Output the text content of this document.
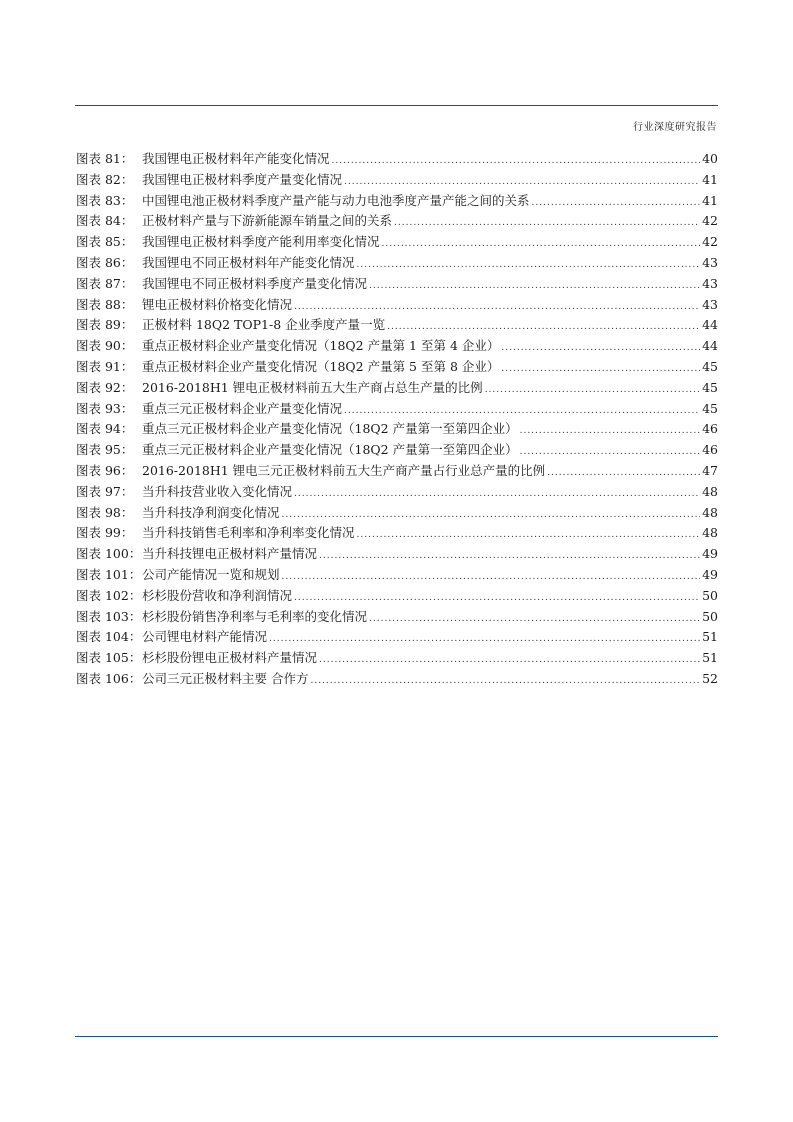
行业深度研究报告
图表 81： 我国锂电正极材料年产能变化情况 .....	40
图表 82： 我国锂电正极材料季度产量变化情况 .....	41
图表 83： 中国锂电池正极材料季度产量产能与动力电池季度产量产能之间的关系 .....	41
图表 84： 正极材料产量与下游新能源车销量之间的关系 .....	42
图表 85： 我国锂电正极材料季度产能利用率变化情况 .....	42
图表 86： 我国锂电不同正极材料年产能变化情况 .....	43
图表 87： 我国锂电不同正极材料季度产量变化情况 .....	43
图表 88： 锂电正极材料价格变化情况 .....	43
图表 89： 正极材料 18Q2 TOP1-8 企业季度产量一览 .....	44
图表 90： 重点正极材料企业产量变化情况（18Q2 产量第 1 至第 4 企业） .....	44
图表 91： 重点正极材料企业产量变化情况（18Q2 产量第 5 至第 8 企业） .....	45
图表 92： 2016-2018H1 锂电正极材料前五大生产商占总生产量的比例 .....	45
图表 93： 重点三元正极材料企业产量变化情况 .....	45
图表 94： 重点三元正极材料企业产量变化情况（18Q2 产量第一至第四企业） .....	46
图表 95： 重点三元正极材料企业产量变化情况（18Q2 产量第一至第四企业） .....	46
图表 96： 2016-2018H1 锂电三元正极材料前五大生产商产量占行业总产量的比例 .....	47
图表 97： 当升科技营业收入变化情况 .....	48
图表 98： 当升科技净利润变化情况 .....	48
图表 99： 当升科技销售毛利率和净利率变化情况 .....	48
图表 100： 当升科技锂电正极材料产量情况 .....	49
图表 101： 公司产能情况一览和规划 .....	49
图表 102： 杉杉股份营收和净利润情况 .....	50
图表 103： 杉杉股份销售净利率与毛利率的变化情况 .....	50
图表 104： 公司锂电材料产能情况 .....	51
图表 105： 杉杉股份锂电正极材料产量情况 .....	51
图表 106： 公司三元正极材料主要 合作方 .....	52
